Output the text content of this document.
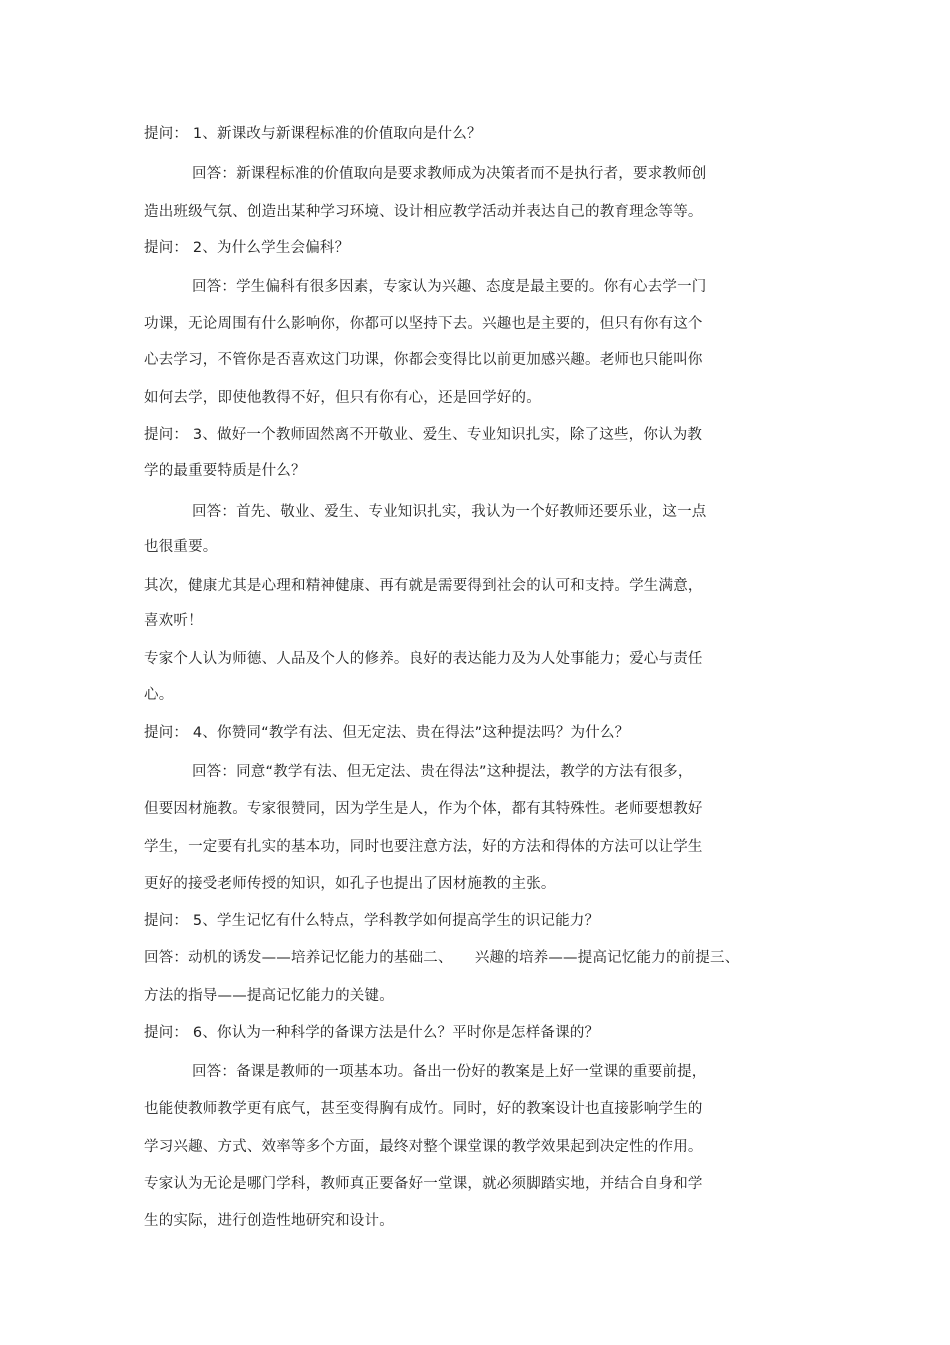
提问： 1、新课改与新课程标准的价值取向是什么？
回答：新课程标准的价值取向是要求教师成为决策者而不是执行者，要求教师创
造出班级气氛、创造出某种学习环境、设计相应教学活动并表达自己的教育理念等等。
提问： 2、为什么学生会偏科？
回答：学生偏科有很多因素，专家认为兴趣、态度是最主要的。你有心去学一门
功课，无论周围有什么影响你，你都可以坚持下去。兴趣也是主要的，但只有你有这个
心去学习，不管你是否喜欢这门功课，你都会变得比以前更加感兴趣。老师也只能叫你
如何去学，即使他教得不好，但只有你有心，还是回学好的。
提问： 3、做好一个教师固然离不开敬业、爱生、专业知识扎实，除了这些，你认为教
学的最重要特质是什么？
回答：首先、敬业、爱生、专业知识扎实，我认为一个好教师还要乐业，这一点
也很重要。
其次，健康尤其是心理和精神健康、再有就是需要得到社会的认可和支持。学生满意，
喜欢听！
专家个人认为师德、人品及个人的修养。良好的表达能力及为人处事能力；爱心与责任
心。
提问： 4、你赞同“教学有法、但无定法、贵在得法”这种提法吗？为什么？
回答：同意“教学有法、但无定法、贵在得法”这种提法，教学的方法有很多，
但要因材施教。专家很赞同，因为学生是人，作为个体，都有其特殊性。老师要想教好
学生，一定要有扎实的基本功，同时也要注意方法，好的方法和得体的方法可以让学生
更好的接受老师传授的知识，如孔子也提出了因材施教的主张。
提问： 5、学生记忆有什么特点，学科教学如何提高学生的识记能力？
回答：动机的诱发——培养记忆能力的基础二、　　兴趣的培养——提高记忆能力的前提三、
方法的指导——提高记忆能力的关键。
提问： 6、你认为一种科学的备课方法是什么？平时你是怎样备课的？
回答：备课是教师的一项基本功。备出一份好的教案是上好一堂课的重要前提，
也能使教师教学更有底气，甚至变得胸有成竹。同时，好的教案设计也直接影响学生的
学习兴趣、方式、效率等多个方面，最终对整个课堂课的教学效果起到决定性的作用。
专家认为无论是哪门学科，教师真正要备好一堂课，就必须脚踏实地，并结合自身和学
生的实际，进行创造性地研究和设计。
